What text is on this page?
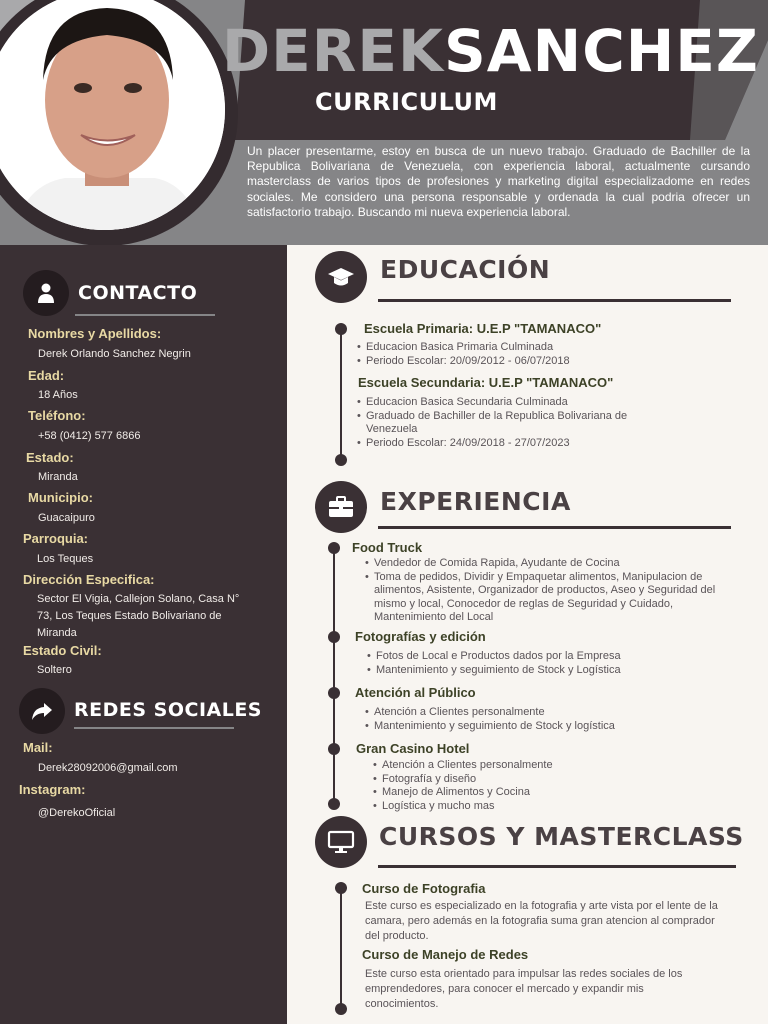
DEREKSANCHEZ
CURRICULUM
Un placer presentarme, estoy en busca de un nuevo trabajo. Graduado de Bachiller de la Republica Bolivariana de Venezuela, con experiencia laboral, actualmente cursando masterclass de varios tipos de profesiones y marketing digital especializadome en redes sociales. Me considero una persona responsable y ordenada la cual podria ofrecer un satisfactorio trabajo. Buscando mi nueva experiencia laboral.
CONTACTO
Nombres y Apellidos:
Derek Orlando Sanchez Negrin
Edad:
18 Años
Teléfono:
+58 (0412) 577 6866
Estado:
Miranda
Municipio:
Guacaipuro
Parroquia:
Los Teques
Dirección Especifica:
Sector El Vigia, Callejon Solano, Casa N°
73, Los Teques Estado Bolivariano de
Miranda
Estado Civil:
Soltero
REDES SOCIALES
Mail:
Derek28092006@gmail.com
Instagram:
@DerekoOficial
EDUCACIÓN
Escuela Primaria: U.E.P "TAMANACO"
• Educacion Basica Primaria Culminada
• Periodo Escolar: 20/09/2012 - 06/07/2018
Escuela Secundaria: U.E.P "TAMANACO"
• Educacion Basica Secundaria Culminada
• Graduado de Bachiller de la Republica Bolivariana de Venezuela
• Periodo Escolar: 24/09/2018 - 27/07/2023
EXPERIENCIA
Food Truck
• Vendedor de Comida Rapida, Ayudante de Cocina
• Toma de pedidos, Dividir y Empaquetar alimentos, Manipulacion de alimentos, Asistente, Organizador de productos, Aseo y Seguridad del mismo y local, Conocedor de reglas de Seguridad y Cuidado, Mantenimiento del Local
Fotografías y edición
• Fotos de Local e Productos dados por la Empresa
• Mantenimiento y seguimiento de Stock y Logística
Atención al Público
• Atención a Clientes personalmente
• Mantenimiento y seguimiento de Stock y logística
Gran Casino Hotel
• Atención a Clientes personalmente
• Fotografía y diseño
• Manejo de Alimentos y Cocina
• Logística y mucho mas
CURSOS Y MASTERCLASS
Curso de Fotografia
Este curso es especializado en la fotografia y arte vista por el lente de la camara, pero además en la fotografia suma gran atencion al comprador del producto.
Curso de Manejo de Redes
Este curso esta orientado para impulsar las redes sociales de los emprendedores, para conocer el mercado y expandir mis conocimientos.
